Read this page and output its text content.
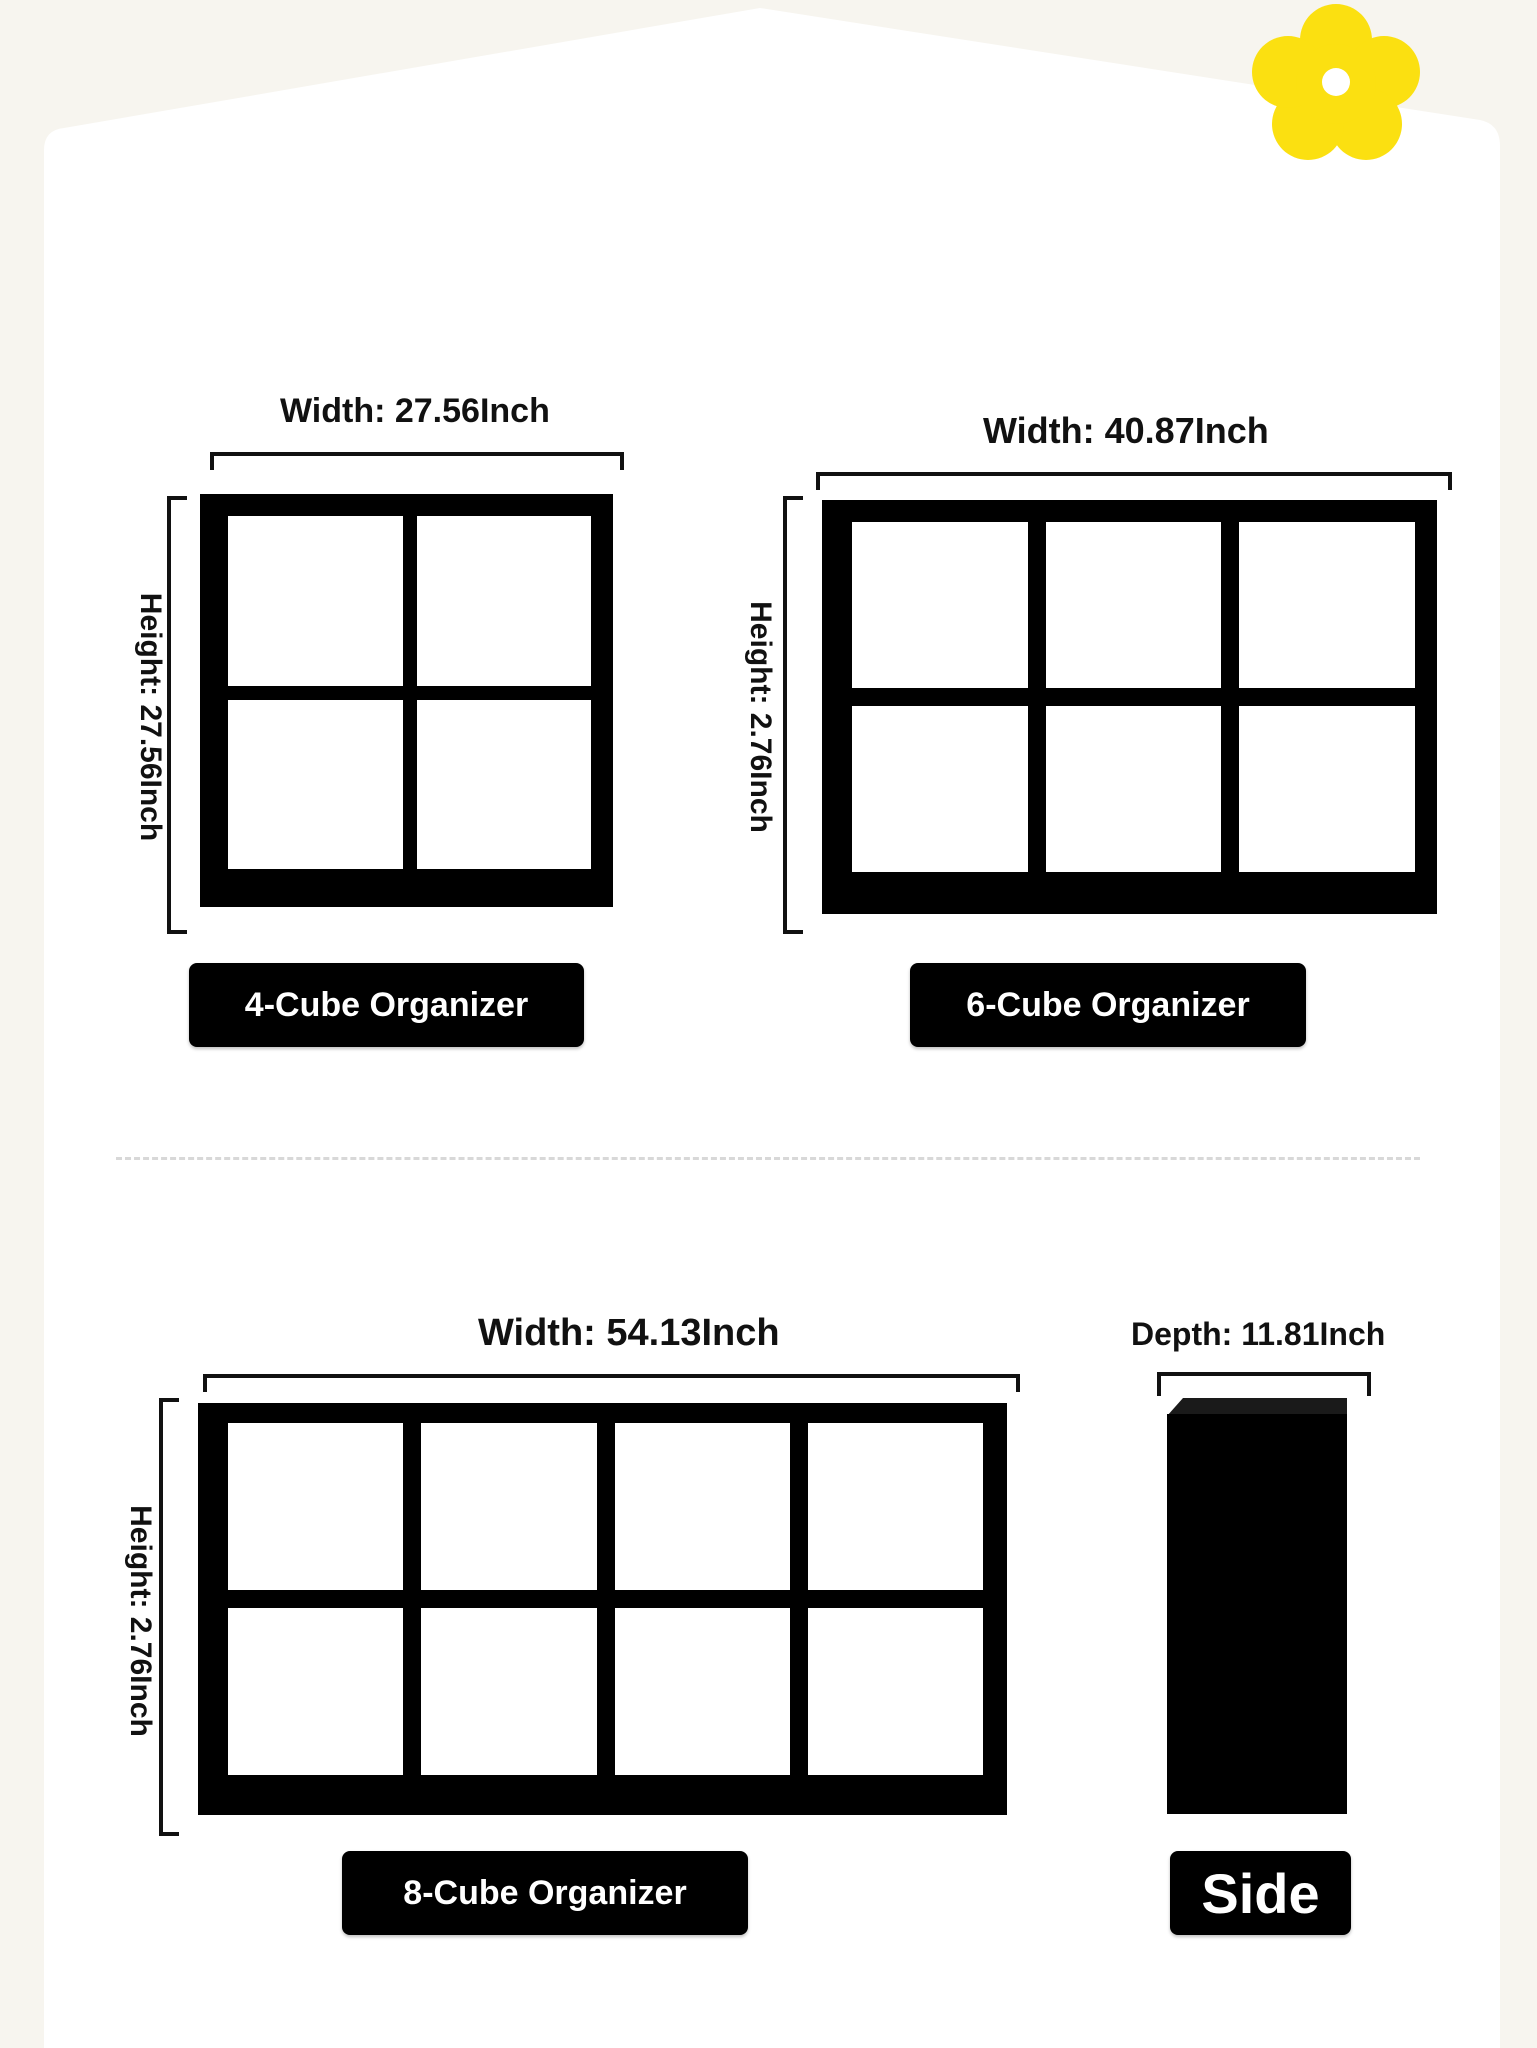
Width: 27.56Inch
Height: 27.56Inch
4-Cube Organizer
Width: 40.87Inch
Height: 2.76Inch
6-Cube Organizer
Width: 54.13Inch
Height: 2.76Inch
8-Cube Organizer
Depth: 11.81Inch
Side
